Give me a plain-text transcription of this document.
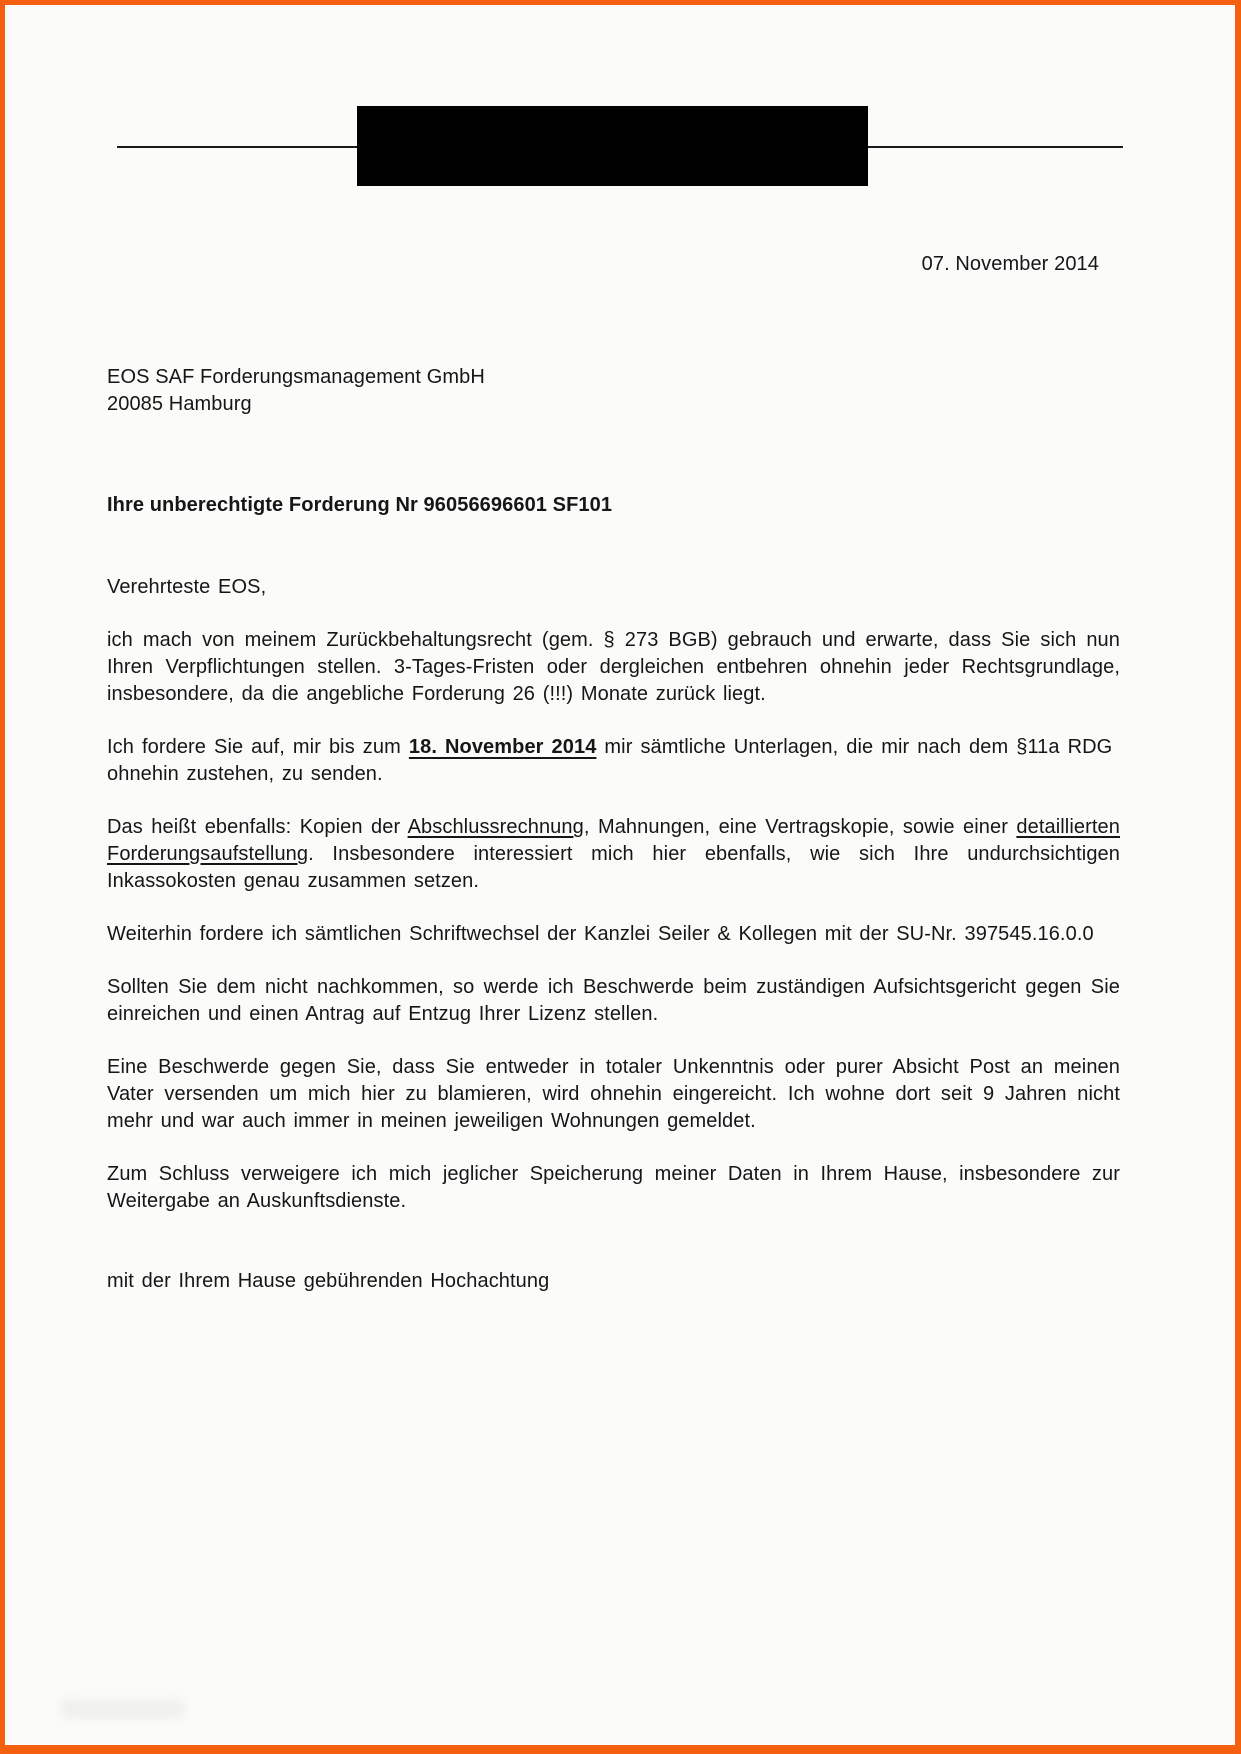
07. November 2014
EOS SAF Forderungsmanagement GmbH
20085 Hamburg
Ihre unberechtigte Forderung Nr 96056696601 SF101

Verehrteste EOS,

ich mach von meinem Zurückbehaltungsrecht (gem. § 273 BGB) gebrauch und erwarte, dass Sie sich nun Ihren Verpflichtungen stellen. 3-Tages-Fristen oder dergleichen entbehren ohnehin jeder Rechtsgrundlage, insbesondere, da die angebliche Forderung 26 (!!!) Monate zurück liegt.

Ich fordere Sie auf, mir bis zum 18. November 2014 mir sämtliche Unterlagen, die mir nach dem §11a RDG  ohnehin zustehen, zu senden.

Das heißt ebenfalls: Kopien der Abschlussrechnung, Mahnungen, eine Vertragskopie, sowie einer detaillierten Forderungsaufstellung. Insbesondere interessiert mich hier ebenfalls, wie sich Ihre undurchsichtigen Inkassokosten genau zusammen setzen.

Weiterhin fordere ich sämtlichen Schriftwechsel der Kanzlei Seiler & Kollegen mit der SU-Nr. 397545.16.0.0

Sollten Sie dem nicht nachkommen, so werde ich Beschwerde beim zuständigen Aufsichtsgericht gegen Sie einreichen und einen Antrag auf Entzug Ihrer Lizenz stellen.

Eine Beschwerde gegen Sie, dass Sie entweder in totaler Unkenntnis oder purer Absicht Post an meinen Vater versenden um mich hier zu blamieren, wird ohnehin eingereicht. Ich wohne dort seit 9 Jahren nicht mehr und war auch immer in meinen jeweiligen Wohnungen gemeldet.

Zum Schluss verweigere ich mich jeglicher Speicherung meiner Daten in Ihrem Hause, insbesondere zur Weitergabe an Auskunftsdienste.

mit der Ihrem Hause gebührenden Hochachtung
